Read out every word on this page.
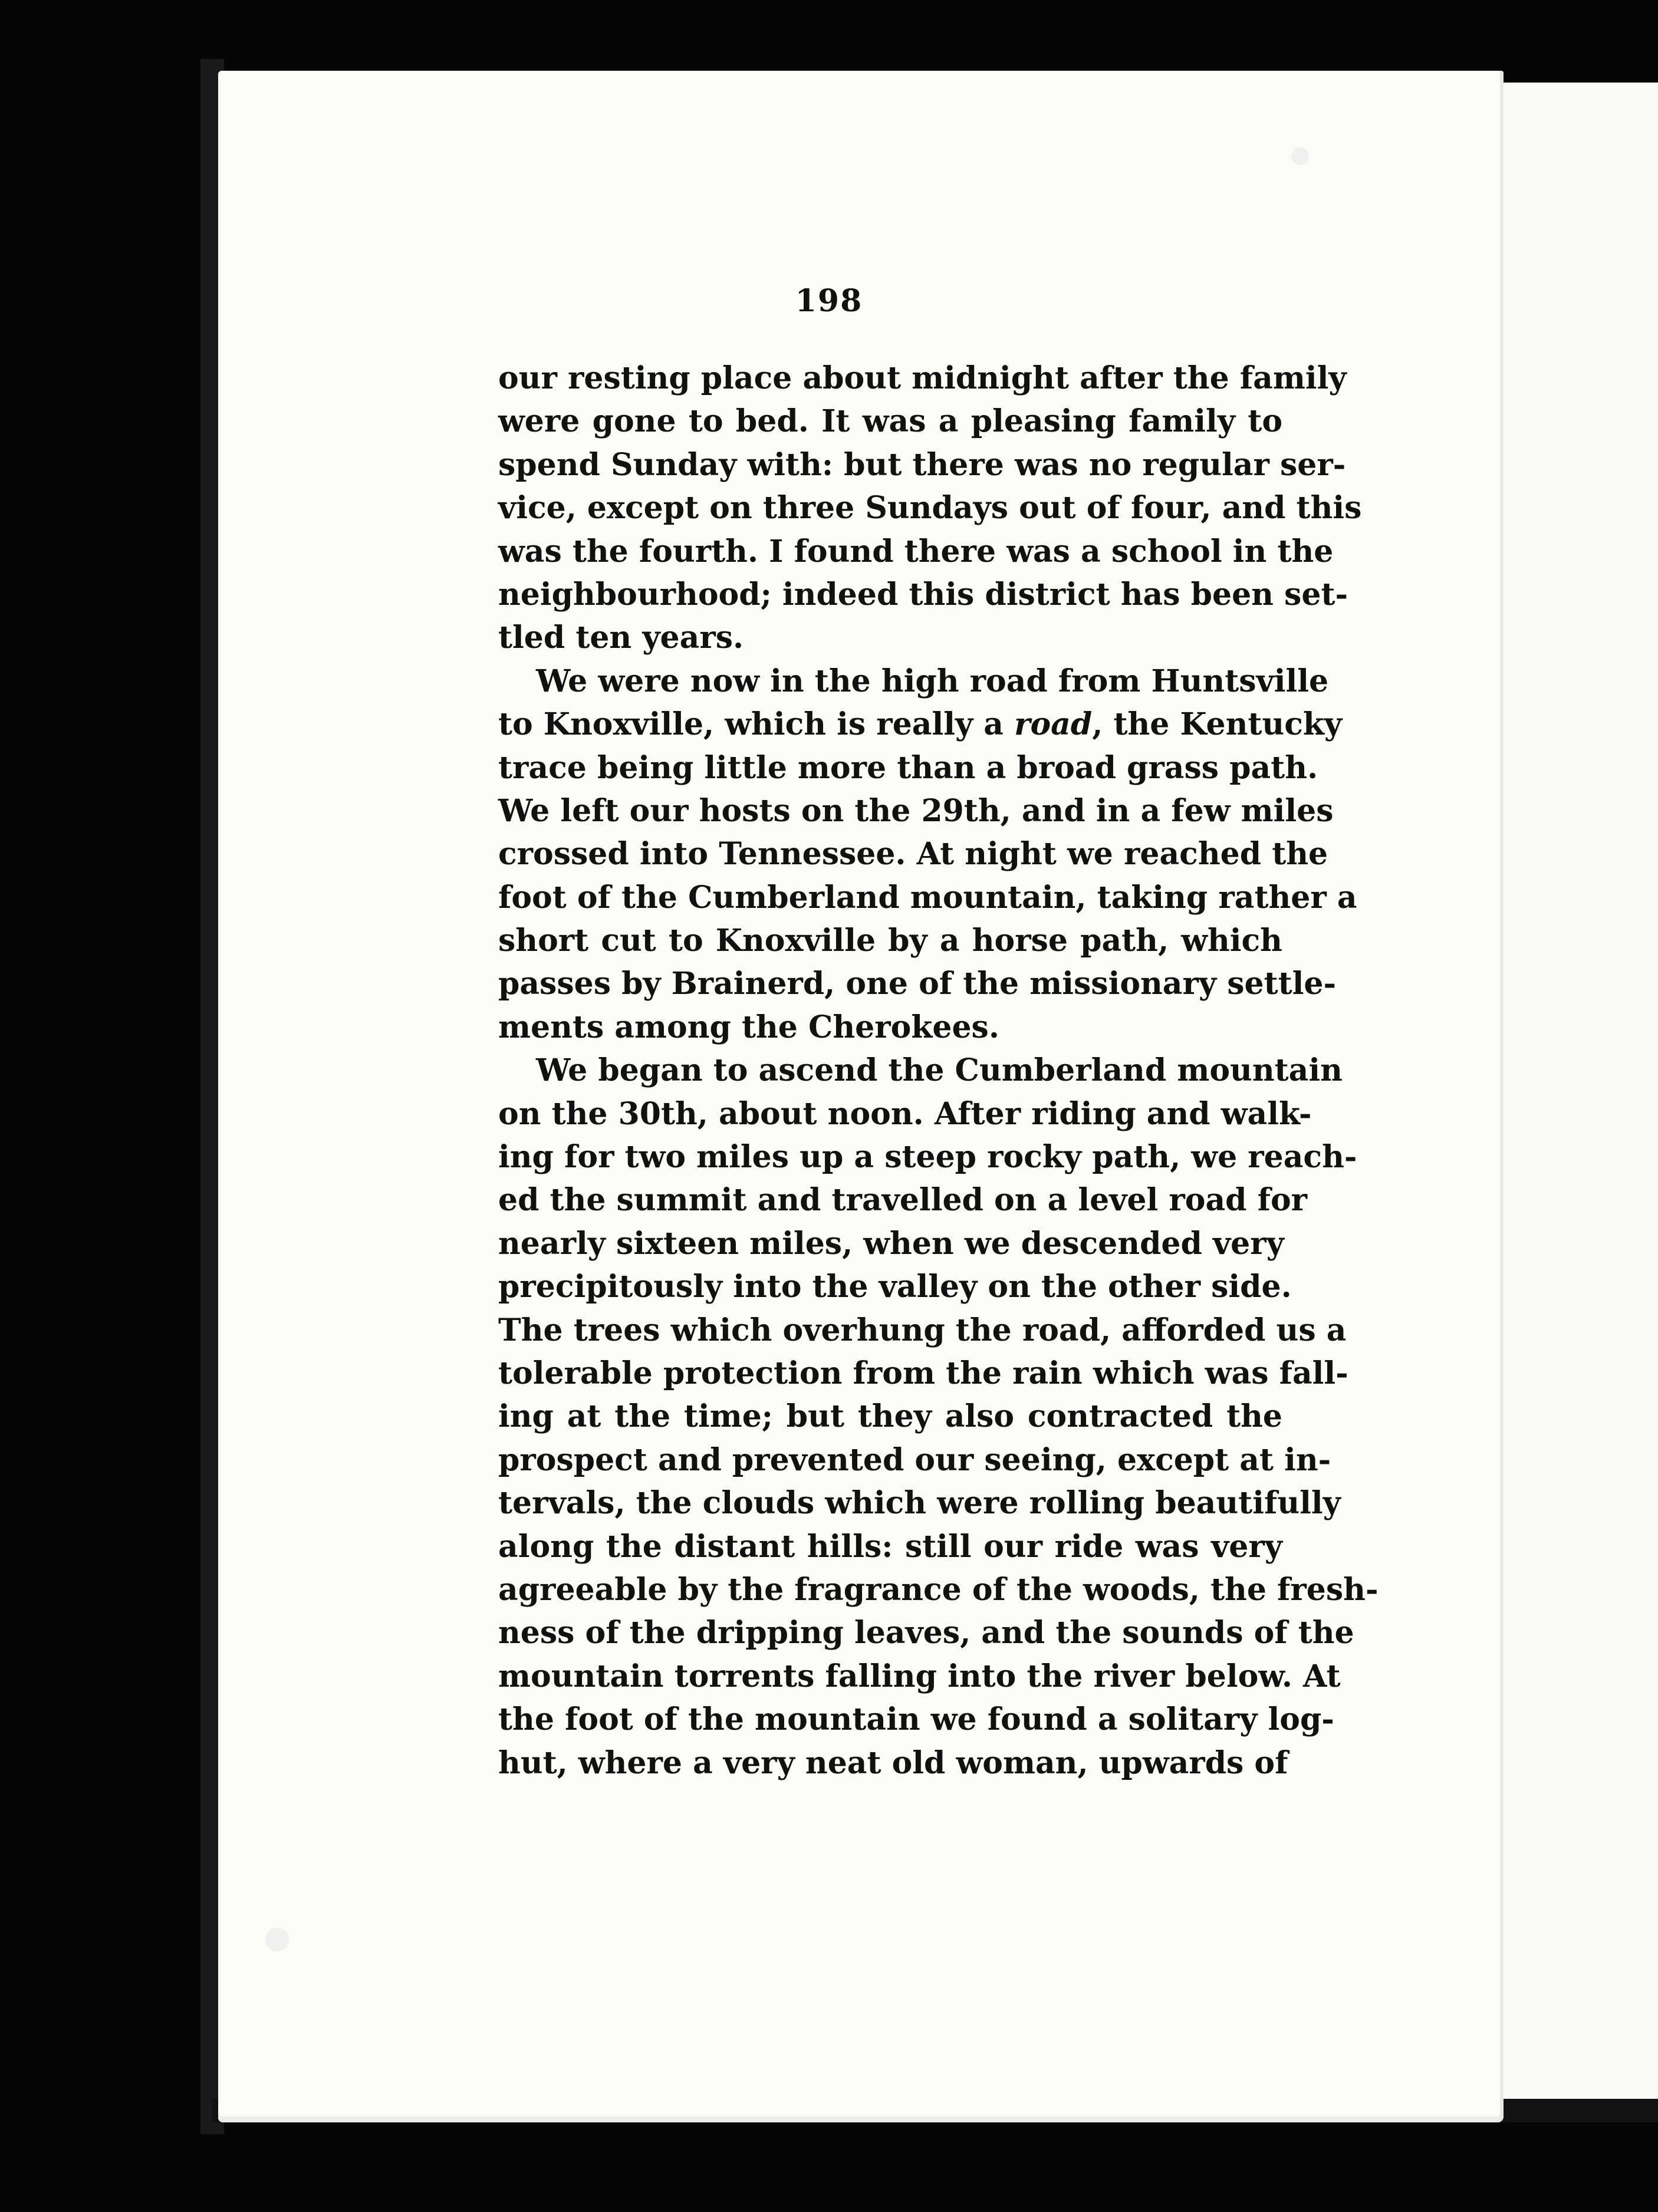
198
our resting place about midnight after the family
were gone to bed. It was a pleasing family to
spend Sunday with: but there was no regular ser-
vice, except on three Sundays out of four, and this
was the fourth. I found there was a school in the
neighbourhood; indeed this district has been set-
tled ten years.
We were now in the high road from Huntsville
to Knoxville, which is really a road, the Kentucky
trace being little more than a broad grass path.
We left our hosts on the 29th, and in a few miles
crossed into Tennessee. At night we reached the
foot of the Cumberland mountain, taking rather a
short cut to Knoxville by a horse path, which
passes by Brainerd, one of the missionary settle-
ments among the Cherokees.
We began to ascend the Cumberland mountain
on the 30th, about noon. After riding and walk-
ing for two miles up a steep rocky path, we reach-
ed the summit and travelled on a level road for
nearly sixteen miles, when we descended very
precipitously into the valley on the other side.
The trees which overhung the road, afforded us a
tolerable protection from the rain which was fall-
ing at the time; but they also contracted the
prospect and prevented our seeing, except at in-
tervals, the clouds which were rolling beautifully
along the distant hills: still our ride was very
agreeable by the fragrance of the woods, the fresh-
ness of the dripping leaves, and the sounds of the
mountain torrents falling into the river below. At
the foot of the mountain we found a solitary log-
hut, where a very neat old woman, upwards of
